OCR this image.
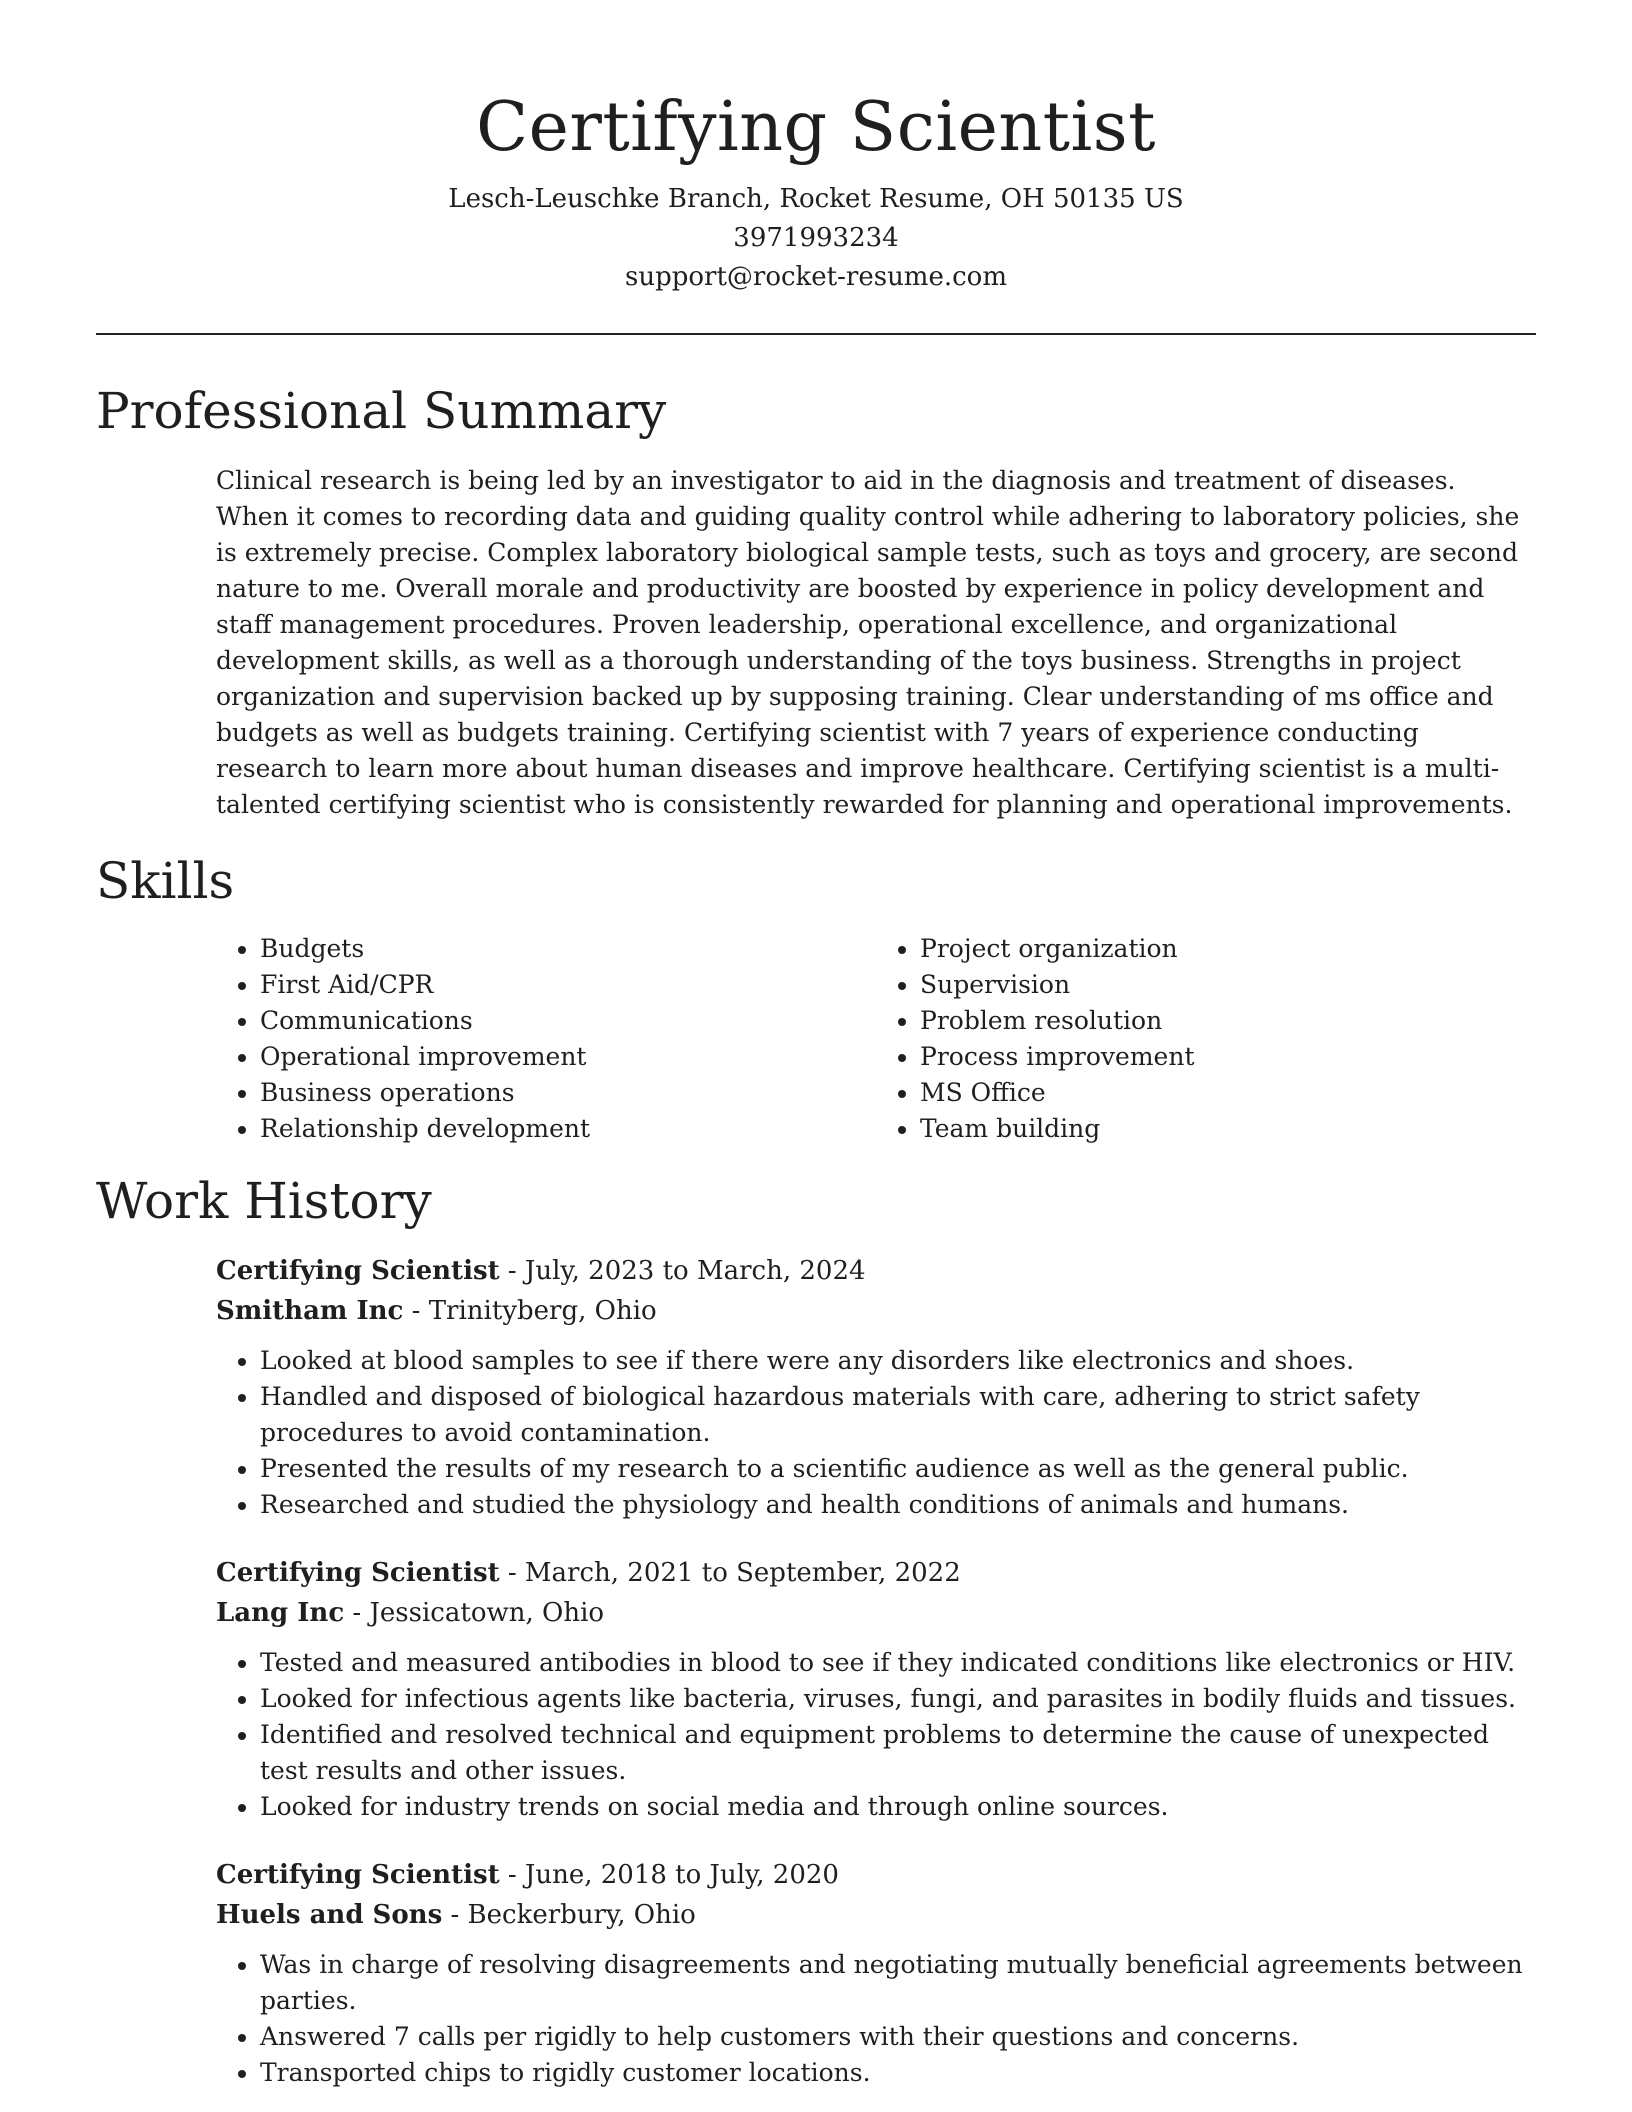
Certifying Scientist

Lesch-Leuschke Branch, Rocket Resume, OH 50135 US

3971993234

support@rocket-resume.com

Professional Summary

Clinical research is being led by an investigator to aid in the diagnosis and treatment of diseases. When it comes to recording data and guiding quality control while adhering to laboratory policies, she is extremely precise. Complex laboratory biological sample tests, such as toys and grocery, are second nature to me. Overall morale and productivity are boosted by experience in policy development and staff management procedures. Proven leadership, operational excellence, and organizational development skills, as well as a thorough understanding of the toys business. Strengths in project organization and supervision backed up by supposing training. Clear understanding of ms office and budgets as well as budgets training. Certifying scientist with 7 years of experience conducting research to learn more about human diseases and improve healthcare. Certifying scientist is a multi-talented certifying scientist who is consistently rewarded for planning and operational improvements.

Skills
• Budgets
• First Aid/CPR
• Communications
• Operational improvement
• Business operations
• Relationship development
• Project organization
• Supervision
• Problem resolution
• Process improvement
• MS Office
• Team building
Work History

Certifying Scientist - July, 2023 to March, 2024

Smitham Inc - Trinityberg, Ohio

• Looked at blood samples to see if there were any disorders like electronics and shoes.
• Handled and disposed of biological hazardous materials with care, adhering to strict safety procedures to avoid contamination.
• Presented the results of my research to a scientific audience as well as the general public.
• Researched and studied the physiology and health conditions of animals and humans.

Certifying Scientist - March, 2021 to September, 2022

Lang Inc - Jessicatown, Ohio

• Tested and measured antibodies in blood to see if they indicated conditions like electronics or HIV.
• Looked for infectious agents like bacteria, viruses, fungi, and parasites in bodily fluids and tissues.
• Identified and resolved technical and equipment problems to determine the cause of unexpected test results and other issues.
• Looked for industry trends on social media and through online sources.

Certifying Scientist - June, 2018 to July, 2020

Huels and Sons - Beckerbury, Ohio

• Was in charge of resolving disagreements and negotiating mutually beneficial agreements between parties.
• Answered 7 calls per rigidly to help customers with their questions and concerns.
• Transported chips to rigidly customer locations.
